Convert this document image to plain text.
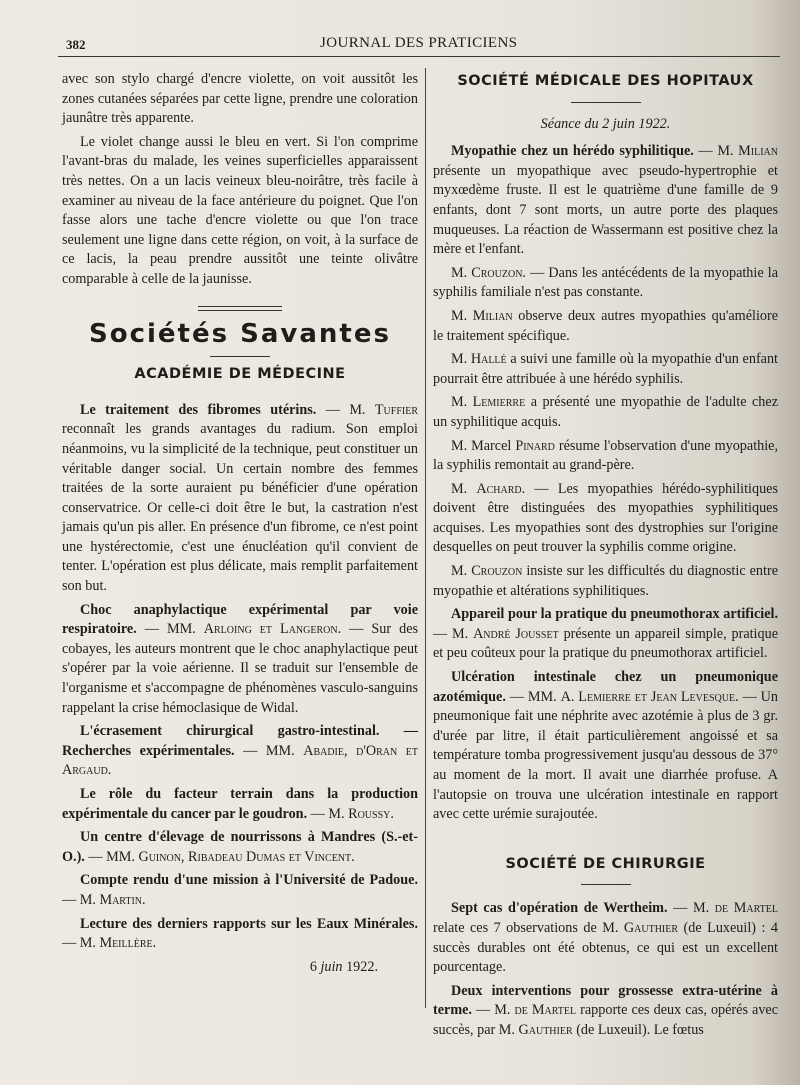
382	JOURNAL DES PRATICIENS

avec son stylo chargé d'encre violette, on voit aussitôt les zones cutanées séparées par cette ligne, prendre une coloration jaunâtre très apparente.

Le violet change aussi le bleu en vert. Si l'on comprime l'avant-bras du malade, les veines superficielles apparaissent très nettes. On a un lacis veineux bleu-noirâtre, très facile à examiner au niveau de la face antérieure du poignet. Que l'on fasse alors une tache d'encre violette ou que l'on trace seulement une ligne dans cette région, on voit, à la surface de ce lacis, la peau prendre aussitôt une teinte olivâtre comparable à celle de la jaunisse.

Sociétés Savantes
ACADÉMIE DE MÉDECINE

Le traitement des fibromes utérins. — M. Tuffier reconnaît les grands avantages du radium. Son emploi néanmoins, vu la simplicité de la technique, peut constituer un véritable danger social. Un certain nombre des femmes traitées de la sorte auraient pu bénéficier d'une opération conservatrice. Or celle-ci doit être le but, la castration n'est jamais qu'un pis aller. En présence d'un fibrome, ce n'est point une hystérectomie, c'est une énucléation qu'il convient de tenter. L'opération est plus délicate, mais remplit parfaitement son but.

Choc anaphylactique expérimental par voie respiratoire. — MM. Arloing et Langeron. — Sur des cobayes, les auteurs montrent que le choc anaphylactique peut s'opérer par la voie aérienne. Il se traduit sur l'ensemble de l'organisme et s'accompagne de phénomènes vasculo-sanguins rappelant la crise hémoclasique de Widal.

L'écrasement chirurgical gastro-intestinal. — Recherches expérimentales. — MM. Abadie, d'Oran et Argaud.

Le rôle du facteur terrain dans la production expérimentale du cancer par le goudron. — M. Roussy.

Un centre d'élevage de nourrissons à Mandres (S.-et-O.). — MM. Guinon, Ribadeau Dumas et Vincent.

Compte rendu d'une mission à l'Université de Padoue. — M. Martin.

Lecture des derniers rapports sur les Eaux Minérales. — M. Meillère.

6 juin 1922.

SOCIÉTÉ MÉDICALE DES HOPITAUX
Séance du 2 juin 1922.

Myopathie chez un hérédo syphilitique. — M. Milian présente un myopathique avec pseudo-hypertrophie et myxœdème fruste. Il est le quatrième d'une famille de 9 enfants, dont 7 sont morts, un autre porte des plaques muqueuses. La réaction de Wassermann est positive chez la mère et l'enfant.

M. Crouzon. — Dans les antécédents de la myopathie la syphilis familiale n'est pas constante.

M. Milian observe deux autres myopathies qu'améliore le traitement spécifique.

M. Hallé a suivi une famille où la myopathie d'un enfant pourrait être attribuée à une hérédo syphilis.

M. Lemierre a présenté une myopathie de l'adulte chez un syphilitique acquis.

M. Marcel Pinard résume l'observation d'une myopathie, la syphilis remontait au grand-père.

M. Achard. — Les myopathies hérédo-syphilitiques doivent être distinguées des myopathies syphilitiques acquises. Les myopathies sont des dystrophies sur l'origine desquelles on peut trouver la syphilis comme origine.

M. Crouzon insiste sur les difficultés du diagnostic entre myopathie et altérations syphilitiques.

Appareil pour la pratique du pneumothorax artificiel. — M. André Jousset présente un appareil simple, pratique et peu coûteux pour la pratique du pneumothorax artificiel.

Ulcération intestinale chez un pneumonique azotémique. — MM. A. Lemierre et Jean Levesque. — Un pneumonique fait une néphrite avec azotémie à plus de 3 gr. d'urée par litre, il était particulièrement angoissé et sa température tomba progressivement jusqu'au dessous de 37° au moment de la mort. Il avait une diarrhée profuse. A l'autopsie on trouva une ulcération intestinale en rapport avec cette urémie surajoutée.

SOCIÉTÉ DE CHIRURGIE

Sept cas d'opération de Wertheim. — M. de Martel relate ces 7 observations de M. Gauthier (de Luxeuil) : 4 succès durables ont été obtenus, ce qui est un excellent pourcentage.

Deux interventions pour grossesse extra-utérine à terme. — M. de Martel rapporte ces deux cas, opérés avec succès, par M. Gauthier (de Luxeuil). Le fœtus
